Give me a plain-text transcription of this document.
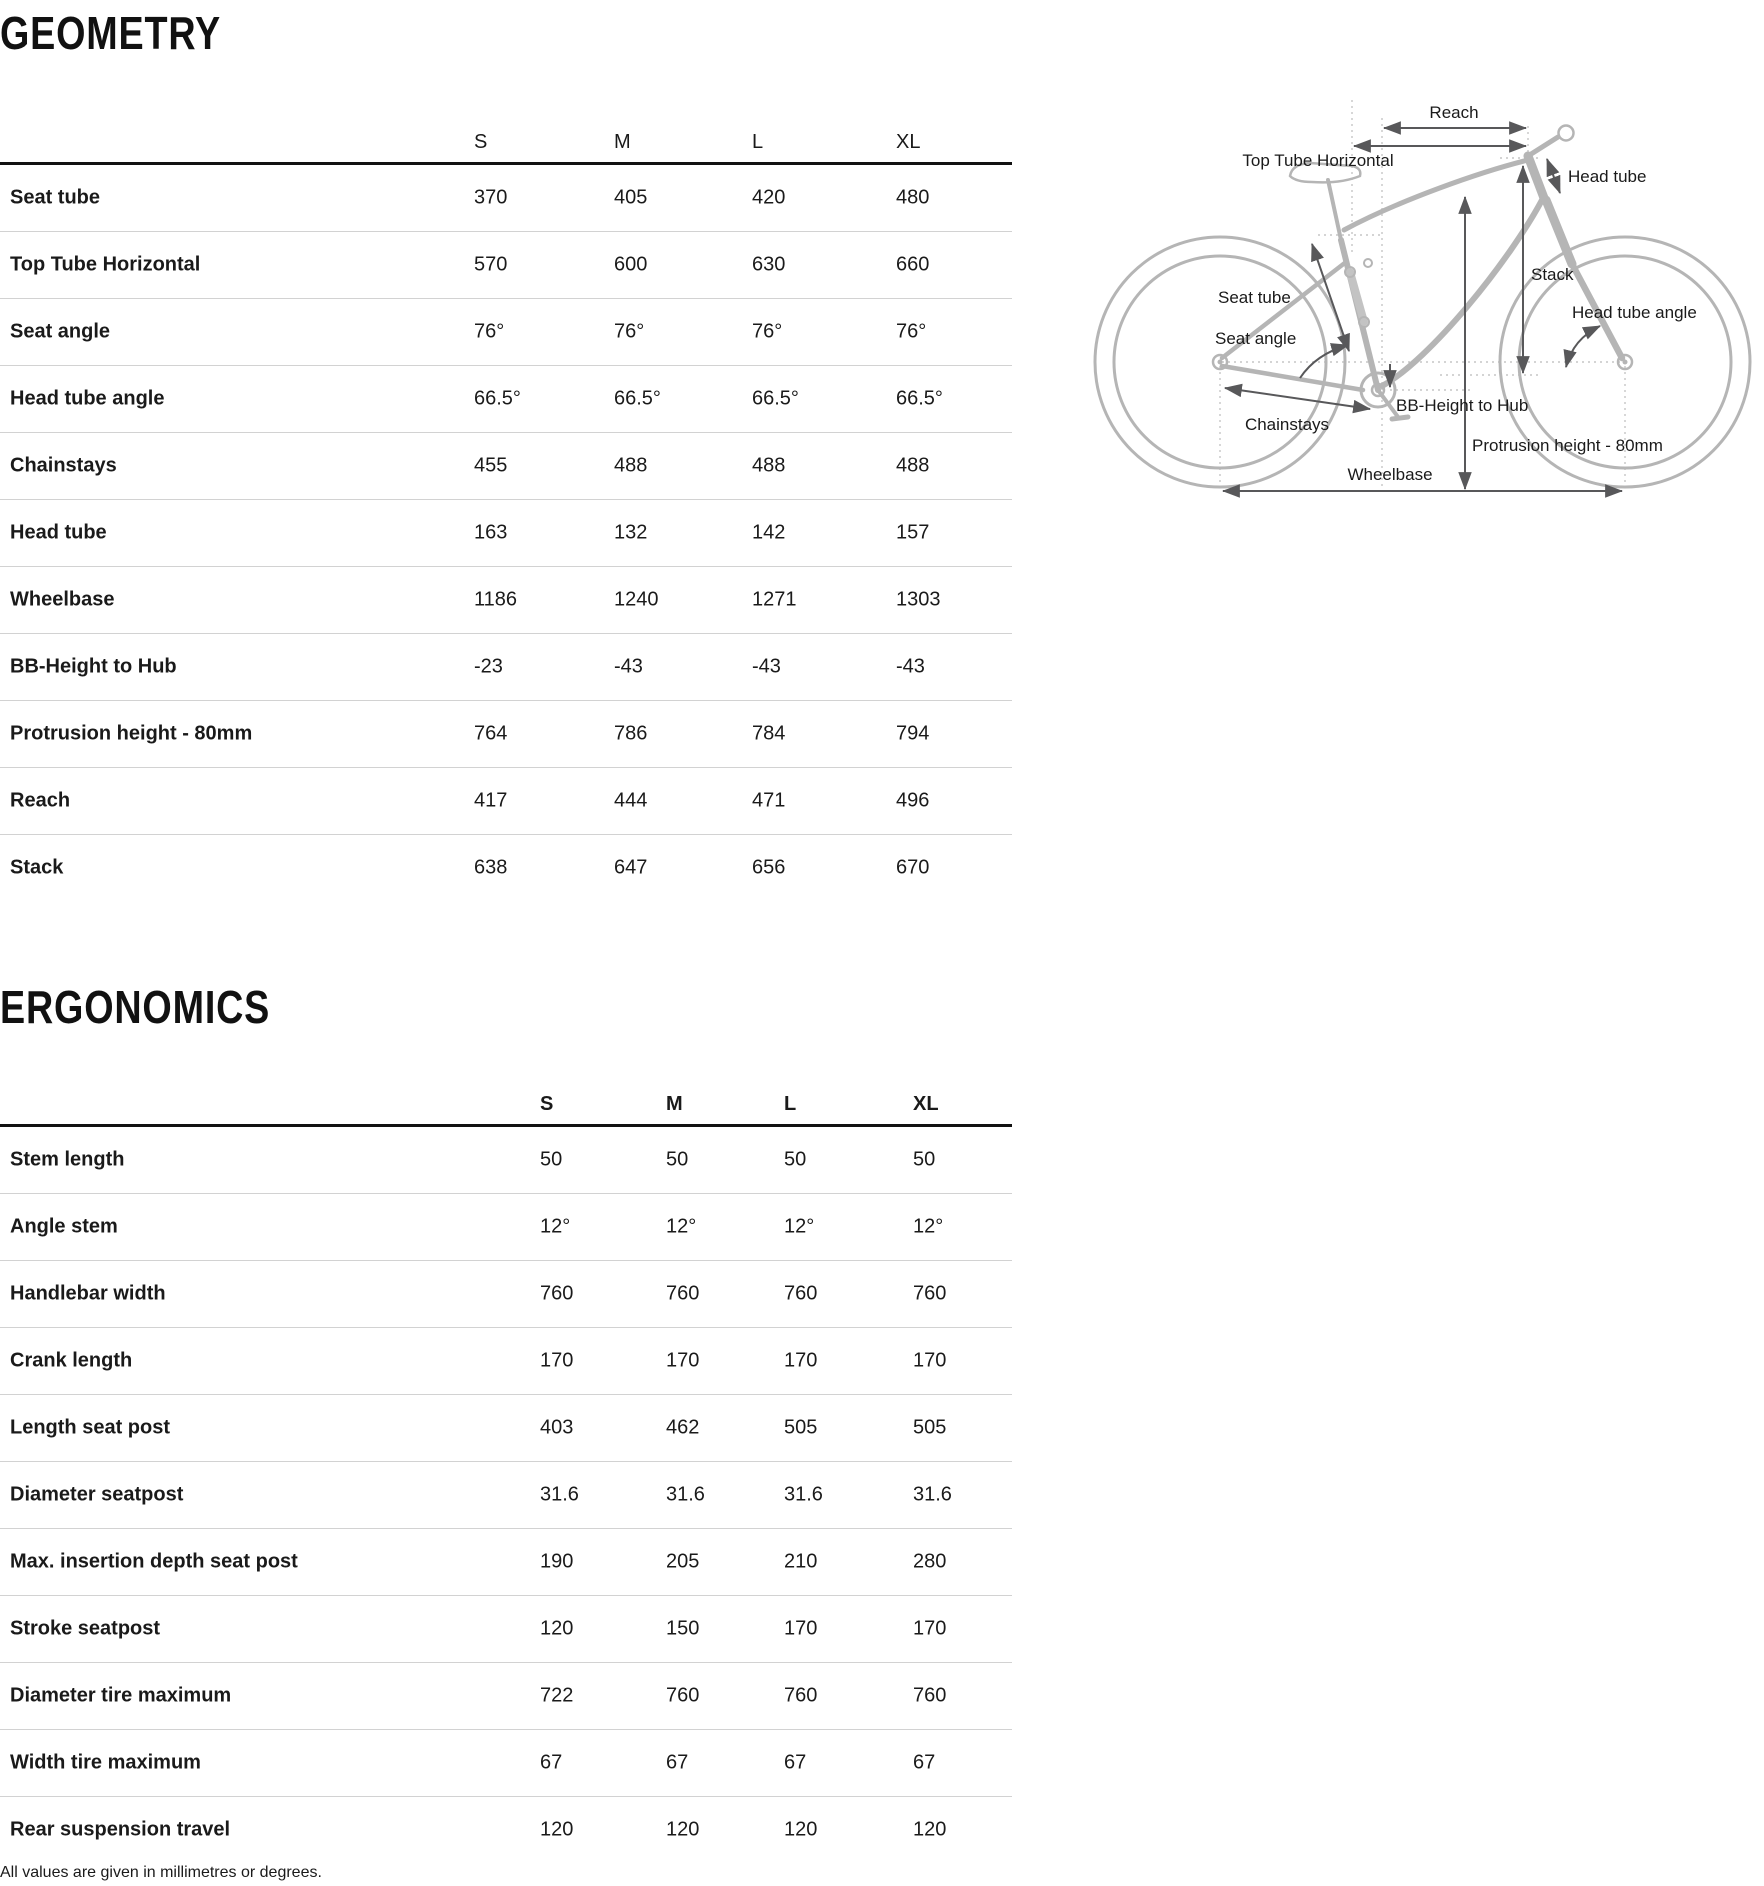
GEOMETRY
S	M	L	XL
Seat tube	370	405	420	480
Top Tube Horizontal	570	600	630	660
Seat angle	76°	76°	76°	76°
Head tube angle	66.5°	66.5°	66.5°	66.5°
Chainstays	455	488	488	488
Head tube	163	132	142	157
Wheelbase	1186	1240	1271	1303
BB-Height to Hub	-23	-43	-43	-43
Protrusion height - 80mm	764	786	784	794
Reach	417	444	471	496
Stack	638	647	656	670
ERGONOMICS
S	M	L	XL
Stem length	50	50	50	50
Angle stem	12°	12°	12°	12°
Handlebar width	760	760	760	760
Crank length	170	170	170	170
Length seat post	403	462	505	505
Diameter seatpost	31.6	31.6	31.6	31.6
Max. insertion depth seat post	190	205	210	280
Stroke seatpost	120	150	170	170
Diameter tire maximum	722	760	760	760
Width tire maximum	67	67	67	67
Rear suspension travel	120	120	120	120
All values are given in millimetres or degrees.
Reach
Top Tube Horizontal
Head tube
Stack
Seat tube
Seat angle
Head tube angle
Chainstays
BB-Height to Hub
Protrusion height - 80mm
Wheelbase
